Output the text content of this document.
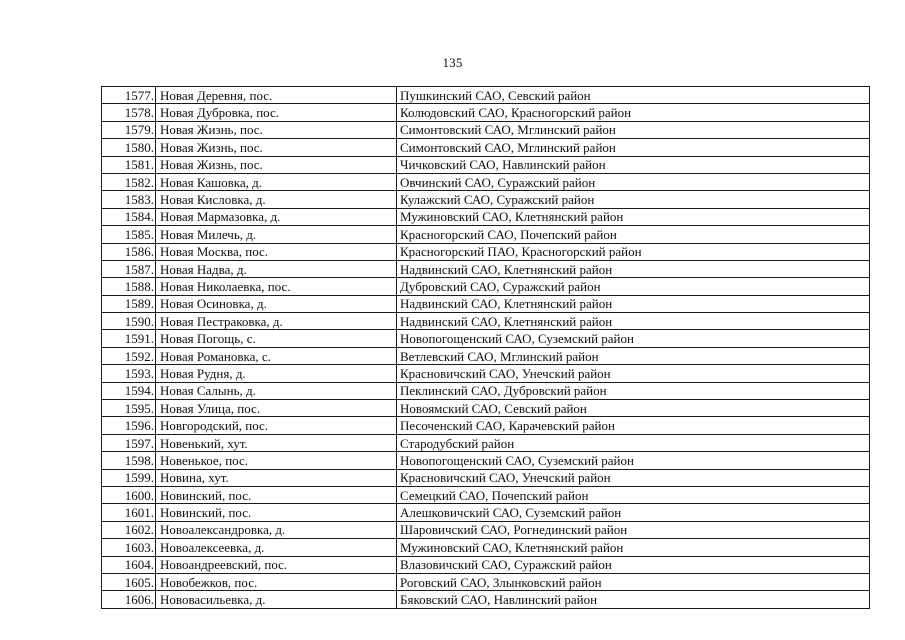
135
1577.	Новая Деревня, пос.	Пушкинский САО, Севский район
1578.	Новая Дубровка, пос.	Колюдовский САО, Красногорский район
1579.	Новая Жизнь, пос.	Симонтовский САО, Мглинский район
1580.	Новая Жизнь, пос.	Симонтовский САО, Мглинский район
1581.	Новая Жизнь, пос.	Чичковский САО, Навлинский район
1582.	Новая Кашовка, д.	Овчинский САО, Суражский район
1583.	Новая Кисловка, д.	Кулажский САО, Суражский район
1584.	Новая Мармазовка, д.	Мужиновский САО, Клетнянский район
1585.	Новая Милечь, д.	Красногорский САО, Почепский район
1586.	Новая Москва, пос.	Красногорский ПАО, Красногорский район
1587.	Новая Надва, д.	Надвинский САО, Клетнянский район
1588.	Новая Николаевка, пос.	Дубровский САО, Суражский район
1589.	Новая Осиновка, д.	Надвинский САО, Клетнянский район
1590.	Новая Пестраковка, д.	Надвинский САО, Клетнянский район
1591.	Новая Погощь, с.	Новопогощенский САО, Суземский район
1592.	Новая Романовка, с.	Ветлевский САО, Мглинский район
1593.	Новая Рудня, д.	Красновичский САО, Унечский район
1594.	Новая Салынь, д.	Пеклинский САО, Дубровский район
1595.	Новая Улица, пос.	Новоямский САО, Севский район
1596.	Новгородский, пос.	Песоченский САО, Карачевский район
1597.	Новенький, хут.	Стародубский район
1598.	Новенькое, пос.	Новопогощенский САО, Суземский район
1599.	Новина, хут.	Красновичский САО, Унечский район
1600.	Новинский, пос.	Семецкий САО, Почепский район
1601.	Новинский, пос.	Алешковичский САО, Суземский район
1602.	Новоалександровка, д.	Шаровичский САО, Рогнединский район
1603.	Новоалексеевка, д.	Мужиновский САО, Клетнянский район
1604.	Новоандреевский, пос.	Влазовичский САО, Суражский район
1605.	Новобежков, пос.	Роговский САО, Злынковский район
1606.	Нововасильевка, д.	Бяковский САО, Навлинский район
